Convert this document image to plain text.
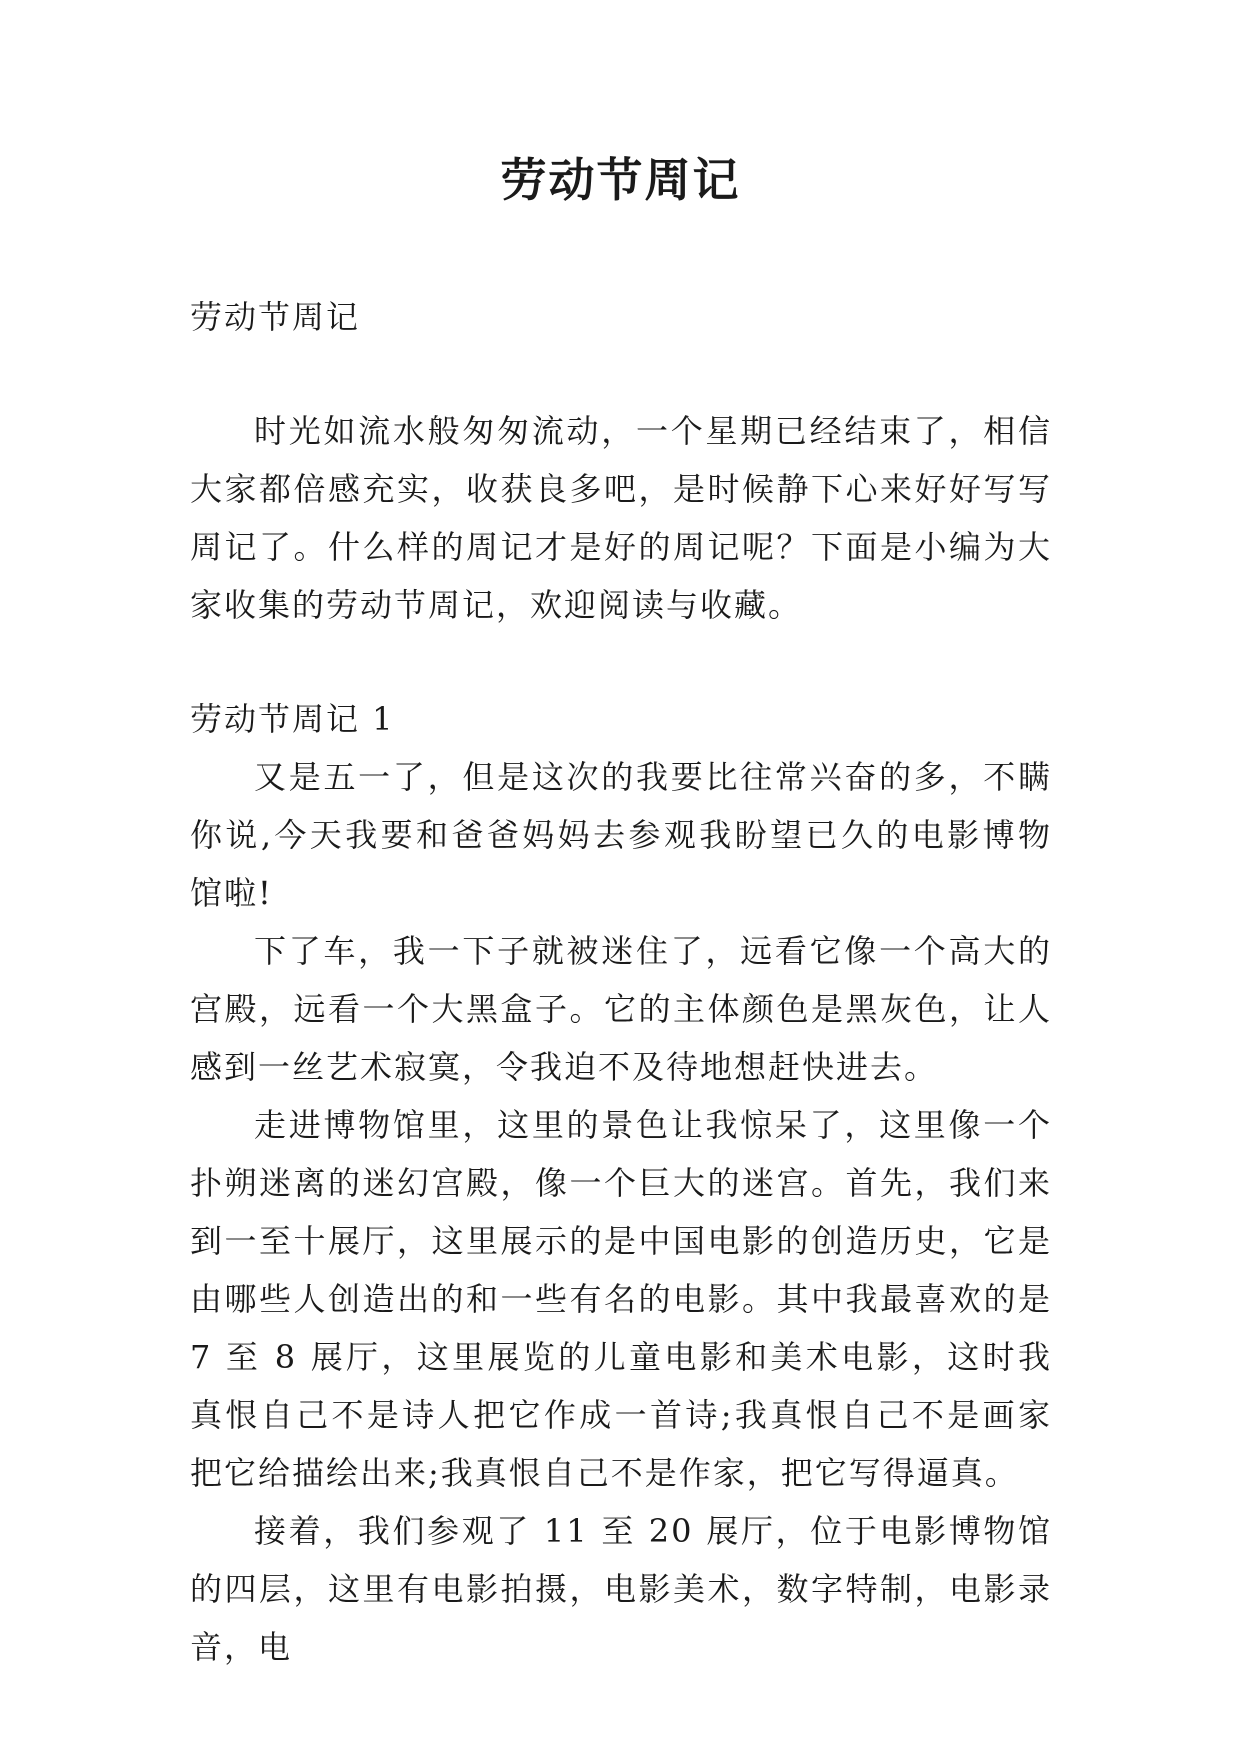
劳动节周记

劳动节周记

时光如流水般匆匆流动，一个星期已经结束了，相信大家都倍感充实，收获良多吧，是时候静下心来好好写写周记了。什么样的周记才是好的周记呢？下面是小编为大家收集的劳动节周记，欢迎阅读与收藏。

劳动节周记 1

又是五一了，但是这次的我要比往常兴奋的多，不瞒你说,今天我要和爸爸妈妈去参观我盼望已久的电影博物馆啦!

下了车，我一下子就被迷住了，远看它像一个高大的宫殿，远看一个大黑盒子。它的主体颜色是黑灰色，让人感到一丝艺术寂寞，令我迫不及待地想赶快进去。

走进博物馆里，这里的景色让我惊呆了，这里像一个扑朔迷离的迷幻宫殿，像一个巨大的迷宫。首先，我们来到一至十展厅，这里展示的是中国电影的创造历史，它是由哪些人创造出的和一些有名的电影。其中我最喜欢的是 7 至 8 展厅，这里展览的儿童电影和美术电影，这时我真恨自己不是诗人把它作成一首诗;我真恨自己不是画家把它给描绘出来;我真恨自己不是作家，把它写得逼真。

接着，我们参观了 11 至 20 展厅，位于电影博物馆的四层，这里有电影拍摄，电影美术，数字特制，电影录音，电
